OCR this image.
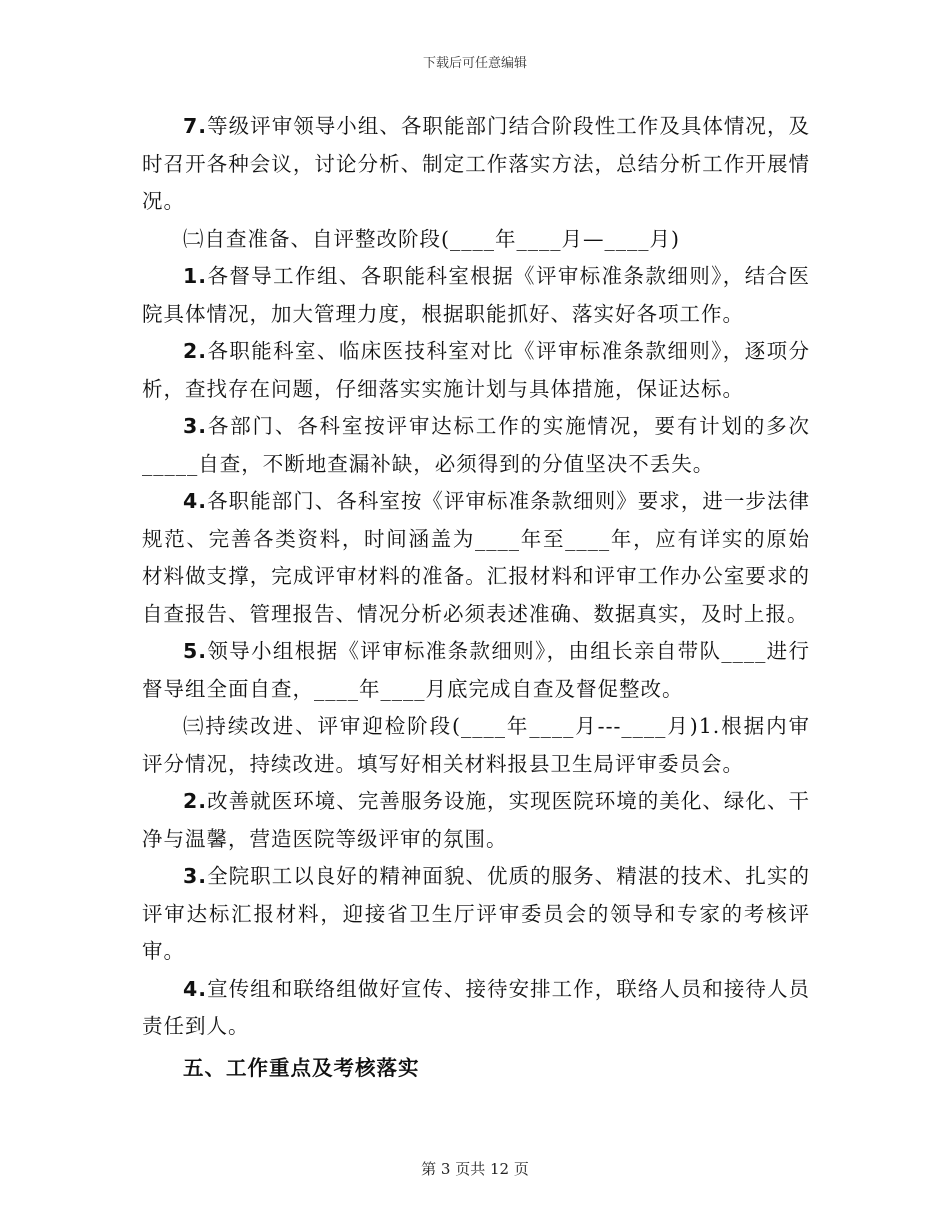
下载后可任意编辑

7.等级评审领导小组、各职能部门结合阶段性工作及具体情况，及时召开各种会议，讨论分析、制定工作落实方法，总结分析工作开展情况。

㈡自查准备、自评整改阶段(____年____月—____月)

1.各督导工作组、各职能科室根据《评审标准条款细则》，结合医院具体情况，加大管理力度，根据职能抓好、落实好各项工作。

2.各职能科室、临床医技科室对比《评审标准条款细则》，逐项分析，查找存在问题，仔细落实实施计划与具体措施，保证达标。

3.各部门、各科室按评审达标工作的实施情况，要有计划的多次_____自查，不断地查漏补缺，必须得到的分值坚决不丢失。

4.各职能部门、各科室按《评审标准条款细则》要求，进一步法律规范、完善各类资料，时间涵盖为____年至____年，应有详实的原始材料做支撑，完成评审材料的准备。汇报材料和评审工作办公室要求的自查报告、管理报告、情况分析必须表述准确、数据真实，及时上报。

5.领导小组根据《评审标准条款细则》，由组长亲自带队____进行督导组全面自查，____年____月底完成自查及督促整改。

㈢持续改进、评审迎检阶段(____年____月---____月)1.根据内审评分情况，持续改进。填写好相关材料报县卫生局评审委员会。

2.改善就医环境、完善服务设施，实现医院环境的美化、绿化、干净与温馨，营造医院等级评审的氛围。

3.全院职工以良好的精神面貌、优质的服务、精湛的技术、扎实的评审达标汇报材料，迎接省卫生厅评审委员会的领导和专家的考核评审。

4.宣传组和联络组做好宣传、接待安排工作，联络人员和接待人员责任到人。

五、工作重点及考核落实

第 3 页共 12 页
